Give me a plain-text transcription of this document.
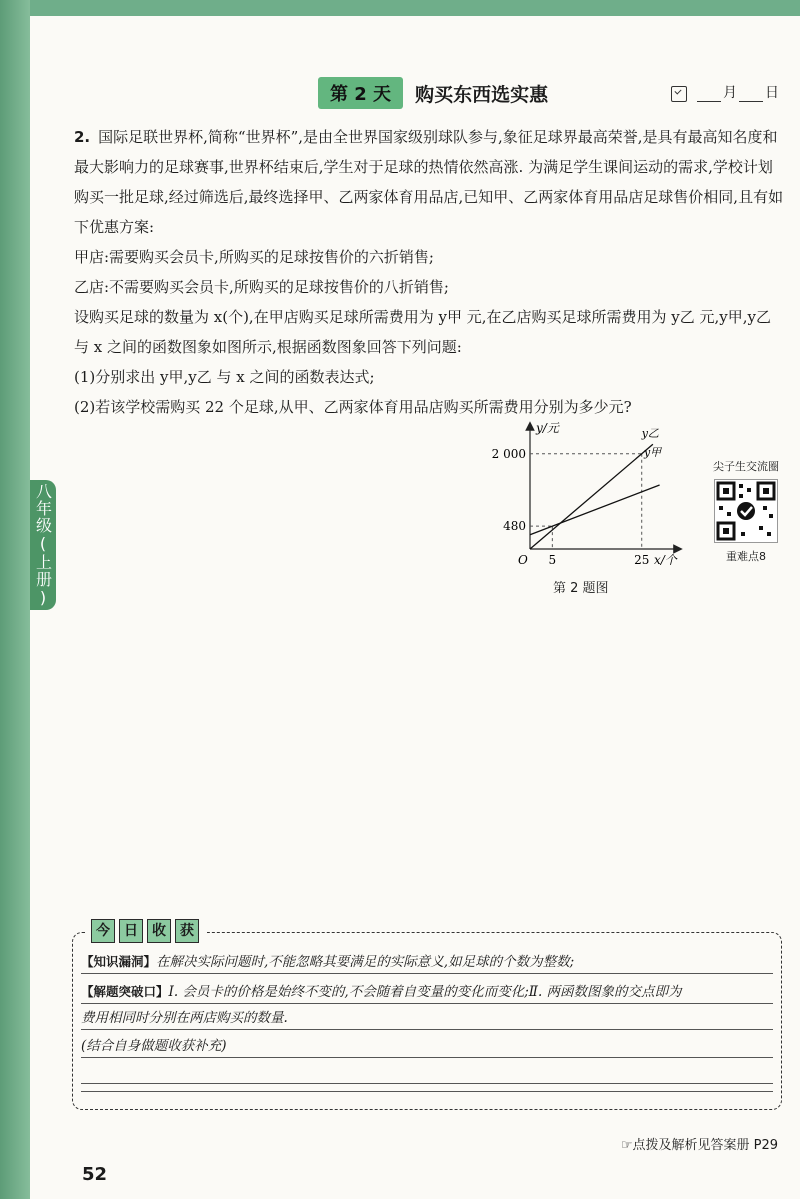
八年级(上册)
第 2 天	购买东西选实惠	月 日

2. 国际足联世界杯,简称“世界杯”,是由全世界国家级别球队参与,象征足球界最高荣誉,是具有最高知名度和最大影响力的足球赛事,世界杯结束后,学生对于足球的热情依然高涨. 为满足学生课间运动的需求,学校计划购买一批足球,经过筛选后,最终选择甲、乙两家体育用品店,已知甲、乙两家体育用品店足球售价相同,且有如下优惠方案:

甲店:需要购买会员卡,所购买的足球按售价的六折销售;

乙店:不需要购买会员卡,所购买的足球按售价的八折销售;

设购买足球的数量为 x(个),在甲店购买足球所需费用为 y甲 元,在乙店购买足球所需费用为 y乙 元,y甲,y乙 与 x 之间的函数图象如图所示,根据函数图象回答下列问题:

(1)分别求出 y甲,y乙 与 x 之间的函数表达式;

(2)若该学校需购买 22 个足球,从甲、乙两家体育用品店购买所需费用分别为多少元?

y/元
x/个
O 5	25
480
2 000	y甲
y乙
第 2 题图
尖子生交流圈
重难点8
今	日	收	获
【知识漏洞】在解决实际问题时,不能忽略其要满足的实际意义,如足球的个数为整数;
【解题突破口】Ⅰ. 会员卡的价格是始终不变的,不会随着自变量的变化而变化;Ⅱ. 两函数图象的交点即为
费用相同时分别在两店购买的数量.
(结合自身做题收获补充)
☞点拨及解析见答案册 P29
52
